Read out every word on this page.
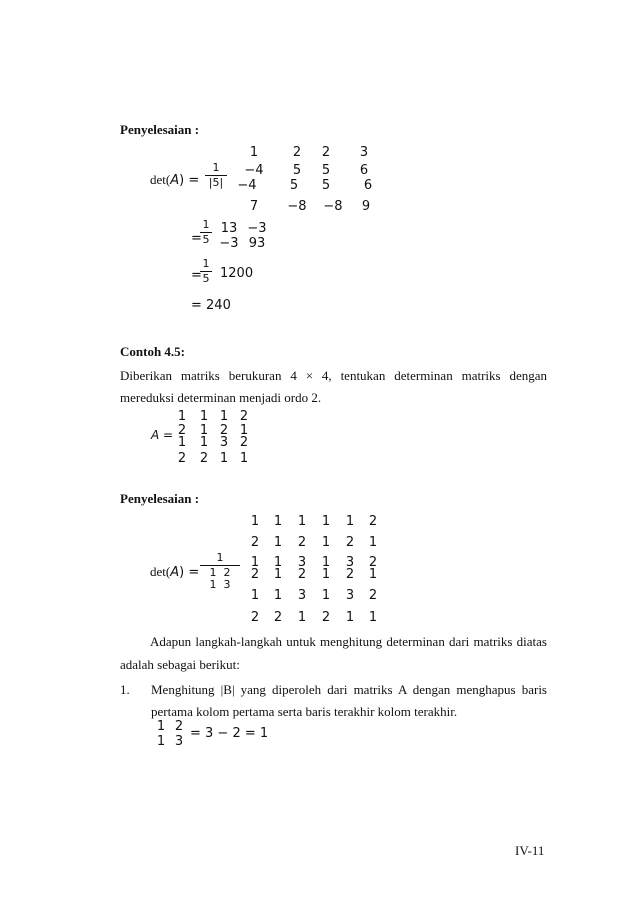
Penyelesaian :
det(A) =
1
|5|
1	2	2	3
−4	5	5	6
−4	5	5	6
7	−8	−8	9
=
1
5
13 −3
−3 93
=
1
5 1200
= 240
Contoh 4.5:
Diberikan matriks berukuran 4 × 4, tentukan determinan matriks dengan
mereduksi determinan menjadi ordo 2.
A =
1	1 1 2
2	1 2 1
1	1 3 2
2	2 1 1
Penyelesaian :
det(A) =
1
1 2
1 3
1	1	1	1	1	2
2	1	2	1	2	1
1	1	3	1	3	2
2	1	2	1	2	1
1	1	3	1	3	2
2	2	1	2	1	1
Adapun langkah-langkah untuk menghitung determinan dari matriks diatas
adalah sebagai berikut:
1. Menghitung |B| yang diperoleh dari matriks A dengan menghapus baris
pertama kolom pertama serta baris terakhir kolom terakhir.
1 2
1 3
= 3 − 2 = 1
IV-11
